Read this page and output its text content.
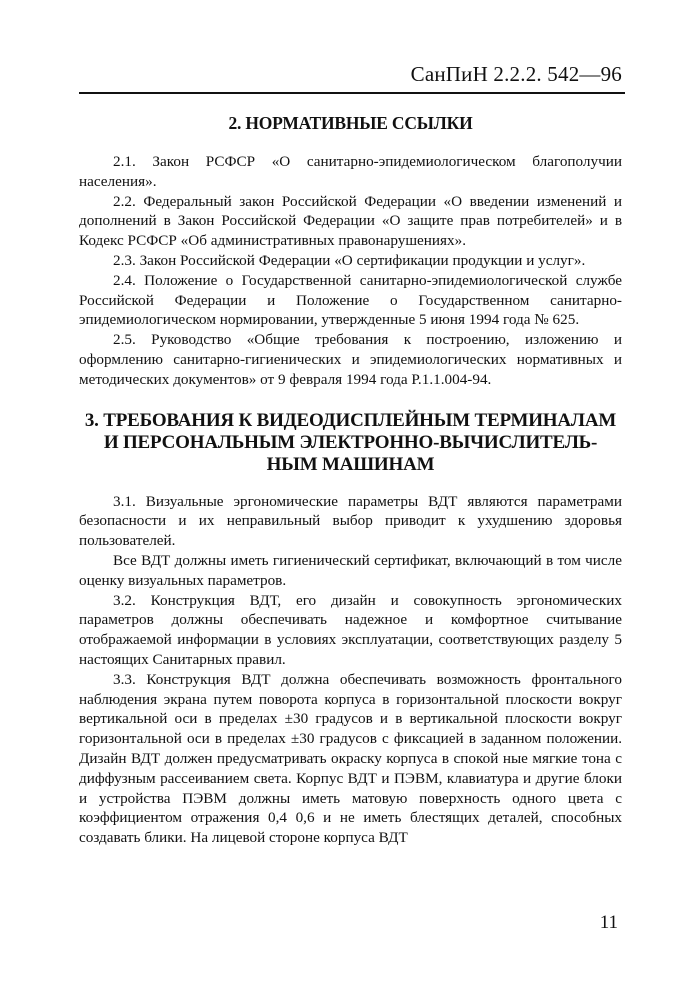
СанПиН 2.2.2. 542—96
2. НОРМАТИВНЫЕ ССЫЛКИ

2.1. Закон РСФСР «О санитарно-эпидемиологическом благополучии населения».

2.2. Федеральный закон Российской Федерации «О введении изменений и дополнений в Закон Российской Федерации «О защите прав потребителей» и в Кодекс РСФСР «Об административных правонарушениях».

2.3. Закон Российской Федерации «О сертификации продукции и услуг».

2.4. Положение о Государственной санитарно-эпидемиологической службе Российской Федерации и Положение о Государственном санитарно-эпидемиологическом нормировании, утвержденные 5 июня 1994 года № 625.

2.5. Руководство «Общие требования к построению, изложению и оформлению санитарно-гигиенических и эпидемиологических нормативных и методических документов» от 9 февраля 1994 года Р.1.1.004-94.

3. ТРЕБОВАНИЯ К ВИДЕОДИСПЛЕЙНЫМ ТЕРМИНАЛАМ
И ПЕРСОНАЛЬНЫМ ЭЛЕКТРОННО-ВЫЧИСЛИТЕЛЬ-
НЫМ МАШИНАМ

3.1. Визуальные эргономические параметры ВДТ являются параметрами безопасности и их неправильный выбор приводит к ухудшению здоровья пользователей.

Все ВДТ должны иметь гигиенический сертификат, включающий в том числе оценку визуальных параметров.

3.2. Конструкция ВДТ, его дизайн и совокупность эргономических параметров должны обеспечивать надежное и комфортное считывание отображаемой информации в условиях эксплуатации, соответствующих разделу 5 настоящих Санитарных правил.

3.3. Конструкция ВДТ должна обеспечивать возможность фронтального наблюдения экрана путем поворота корпуса в горизонтальной плоскости вокруг вертикальной оси в пределах ±30 градусов и в вертикальной плоскости вокруг горизонтальной оси в пределах ±30 градусов с фиксацией в заданном положении. Дизайн ВДТ должен предусматривать окраску корпуса в спокой ные мягкие тона с диффузным рассеиванием света. Корпус ВДТ и ПЭВМ, клавиатура и другие блоки и устройства ПЭВМ должны иметь матовую поверхность одного цвета с коэффициентом отражения 0,4 0,6 и не иметь блестящих деталей, способных создавать блики. На лицевой стороне корпуса ВДТ

11
